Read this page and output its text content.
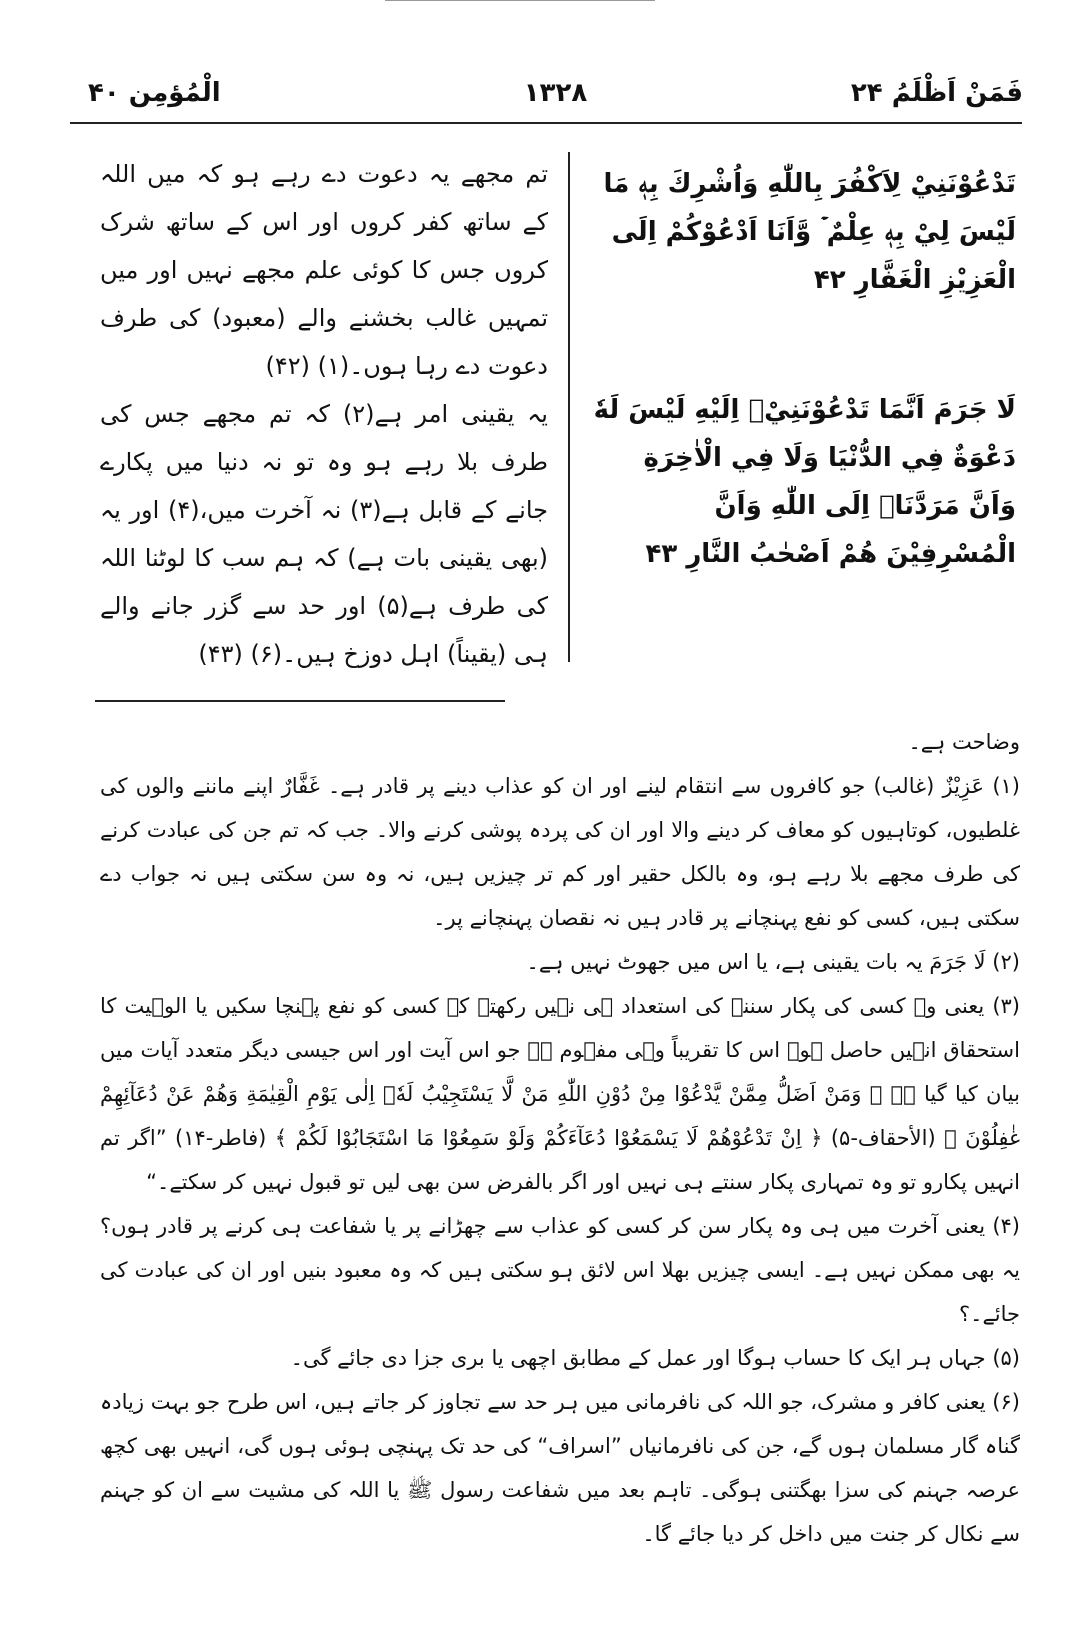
الْمُؤمِن ۴۰	۱۳۲۸	فَمَنْ اَظْلَمُ ۲۴

تَدْعُوْنَنِيْ لِاَكْفُرَ بِاللّٰهِ وَاُشْرِكَ بِهٖ مَا لَيْسَ لِيْ بِهٖ عِلْمٌ ۡ وَّاَنَا اَدْعُوْكُمْ اِلَى الْعَزِيْزِ الْغَفَّارِ ۴۲

لَا جَرَمَ اَنَّمَا تَدْعُوْنَنِيْۤ اِلَيْهِ لَيْسَ لَهٗ دَعْوَةٌ فِي الدُّنْيَا وَلَا فِي الْاٰخِرَةِ وَاَنَّ مَرَدَّنَاۤ اِلَى اللّٰهِ وَاَنَّ الْمُسْرِفِيْنَ هُمْ اَصْحٰبُ النَّارِ ۴۳

تم مجھے یہ دعوت دے رہے ہو کہ میں اللہ کے ساتھ کفر کروں اور اس کے ساتھ شرک کروں جس کا کوئی علم مجھے نہیں اور میں تمہیں غالب بخشنے والے (معبود) کی طرف دعوت دے رہا ہوں۔(۱) (۴۲)

یہ یقینی امر ہے(۲) کہ تم مجھے جس کی طرف بلا رہے ہو وہ تو نہ دنیا میں پکارے جانے کے قابل ہے(۳) نہ آخرت میں،(۴) اور یہ (بھی یقینی بات ہے) کہ ہم سب کا لوٹنا اللہ کی طرف ہے(۵) اور حد سے گزر جانے والے ہی (یقیناً) اہل دوزخ ہیں۔(۶) (۴۳)

وضاحت ہے۔

(۱) عَزِیْزٌ (غالب) جو کافروں سے انتقام لینے اور ان کو عذاب دینے پر قادر ہے۔ غَفَّارٌ اپنے ماننے والوں کی غلطیوں، کوتاہیوں کو معاف کر دینے والا اور ان کی پردہ پوشی کرنے والا۔ جب کہ تم جن کی عبادت کرنے کی طرف مجھے بلا رہے ہو، وہ بالکل حقیر اور کم تر چیزیں ہیں، نہ وہ سن سکتی ہیں نہ جواب دے سکتی ہیں، کسی کو نفع پہنچانے پر قادر ہیں نہ نقصان پہنچانے پر۔

(۲) لَا جَرَمَ یہ بات یقینی ہے، یا اس میں جھوٹ نہیں ہے۔

(۳) یعنی وہ کسی کی پکار سننے کی استعداد ہی نہیں رکھتے کہ کسی کو نفع پہنچا سکیں یا الوہیت کا استحقاق انہیں حاصل ہو۔ اس کا تقریباً وہی مفہوم ہے جو اس آیت اور اس جیسی دیگر متعدد آیات میں بیان کیا گیا ہے ﴿ وَمَنْ اَضَلُّ مِمَّنْ يَّدْعُوْا مِنْ دُوْنِ اللّٰهِ مَنْ لَّا يَسْتَجِيْبُ لَهٗۤ اِلٰى يَوْمِ الْقِيٰمَةِ وَهُمْ عَنْ دُعَآئِهِمْ غٰفِلُوْنَ ﴾ (الأحقاف-۵) ﴿ اِنْ تَدْعُوْهُمْ لَا يَسْمَعُوْا دُعَآءَكُمْ وَلَوْ سَمِعُوْا مَا اسْتَجَابُوْا لَكُمْ ﴾ (فاطر-۱۴) ”اگر تم انہیں پکارو تو وہ تمہاری پکار سنتے ہی نہیں اور اگر بالفرض سن بھی لیں تو قبول نہیں کر سکتے۔“

(۴) یعنی آخرت میں ہی وہ پکار سن کر کسی کو عذاب سے چھڑانے پر یا شفاعت ہی کرنے پر قادر ہوں؟ یہ بھی ممکن نہیں ہے۔ ایسی چیزیں بھلا اس لائق ہو سکتی ہیں کہ وہ معبود بنیں اور ان کی عبادت کی جائے۔؟

(۵) جہاں ہر ایک کا حساب ہوگا اور عمل کے مطابق اچھی یا بری جزا دی جائے گی۔

(۶) یعنی کافر و مشرک، جو اللہ کی نافرمانی میں ہر حد سے تجاوز کر جاتے ہیں، اس طرح جو بہت زیادہ گناہ گار مسلمان ہوں گے، جن کی نافرمانیاں ”اسراف“ کی حد تک پہنچی ہوئی ہوں گی، انہیں بھی کچھ عرصہ جہنم کی سزا بھگتنی ہوگی۔ تاہم بعد میں شفاعت رسول ﷺ یا اللہ کی مشیت سے ان کو جہنم سے نکال کر جنت میں داخل کر دیا جائے گا۔
